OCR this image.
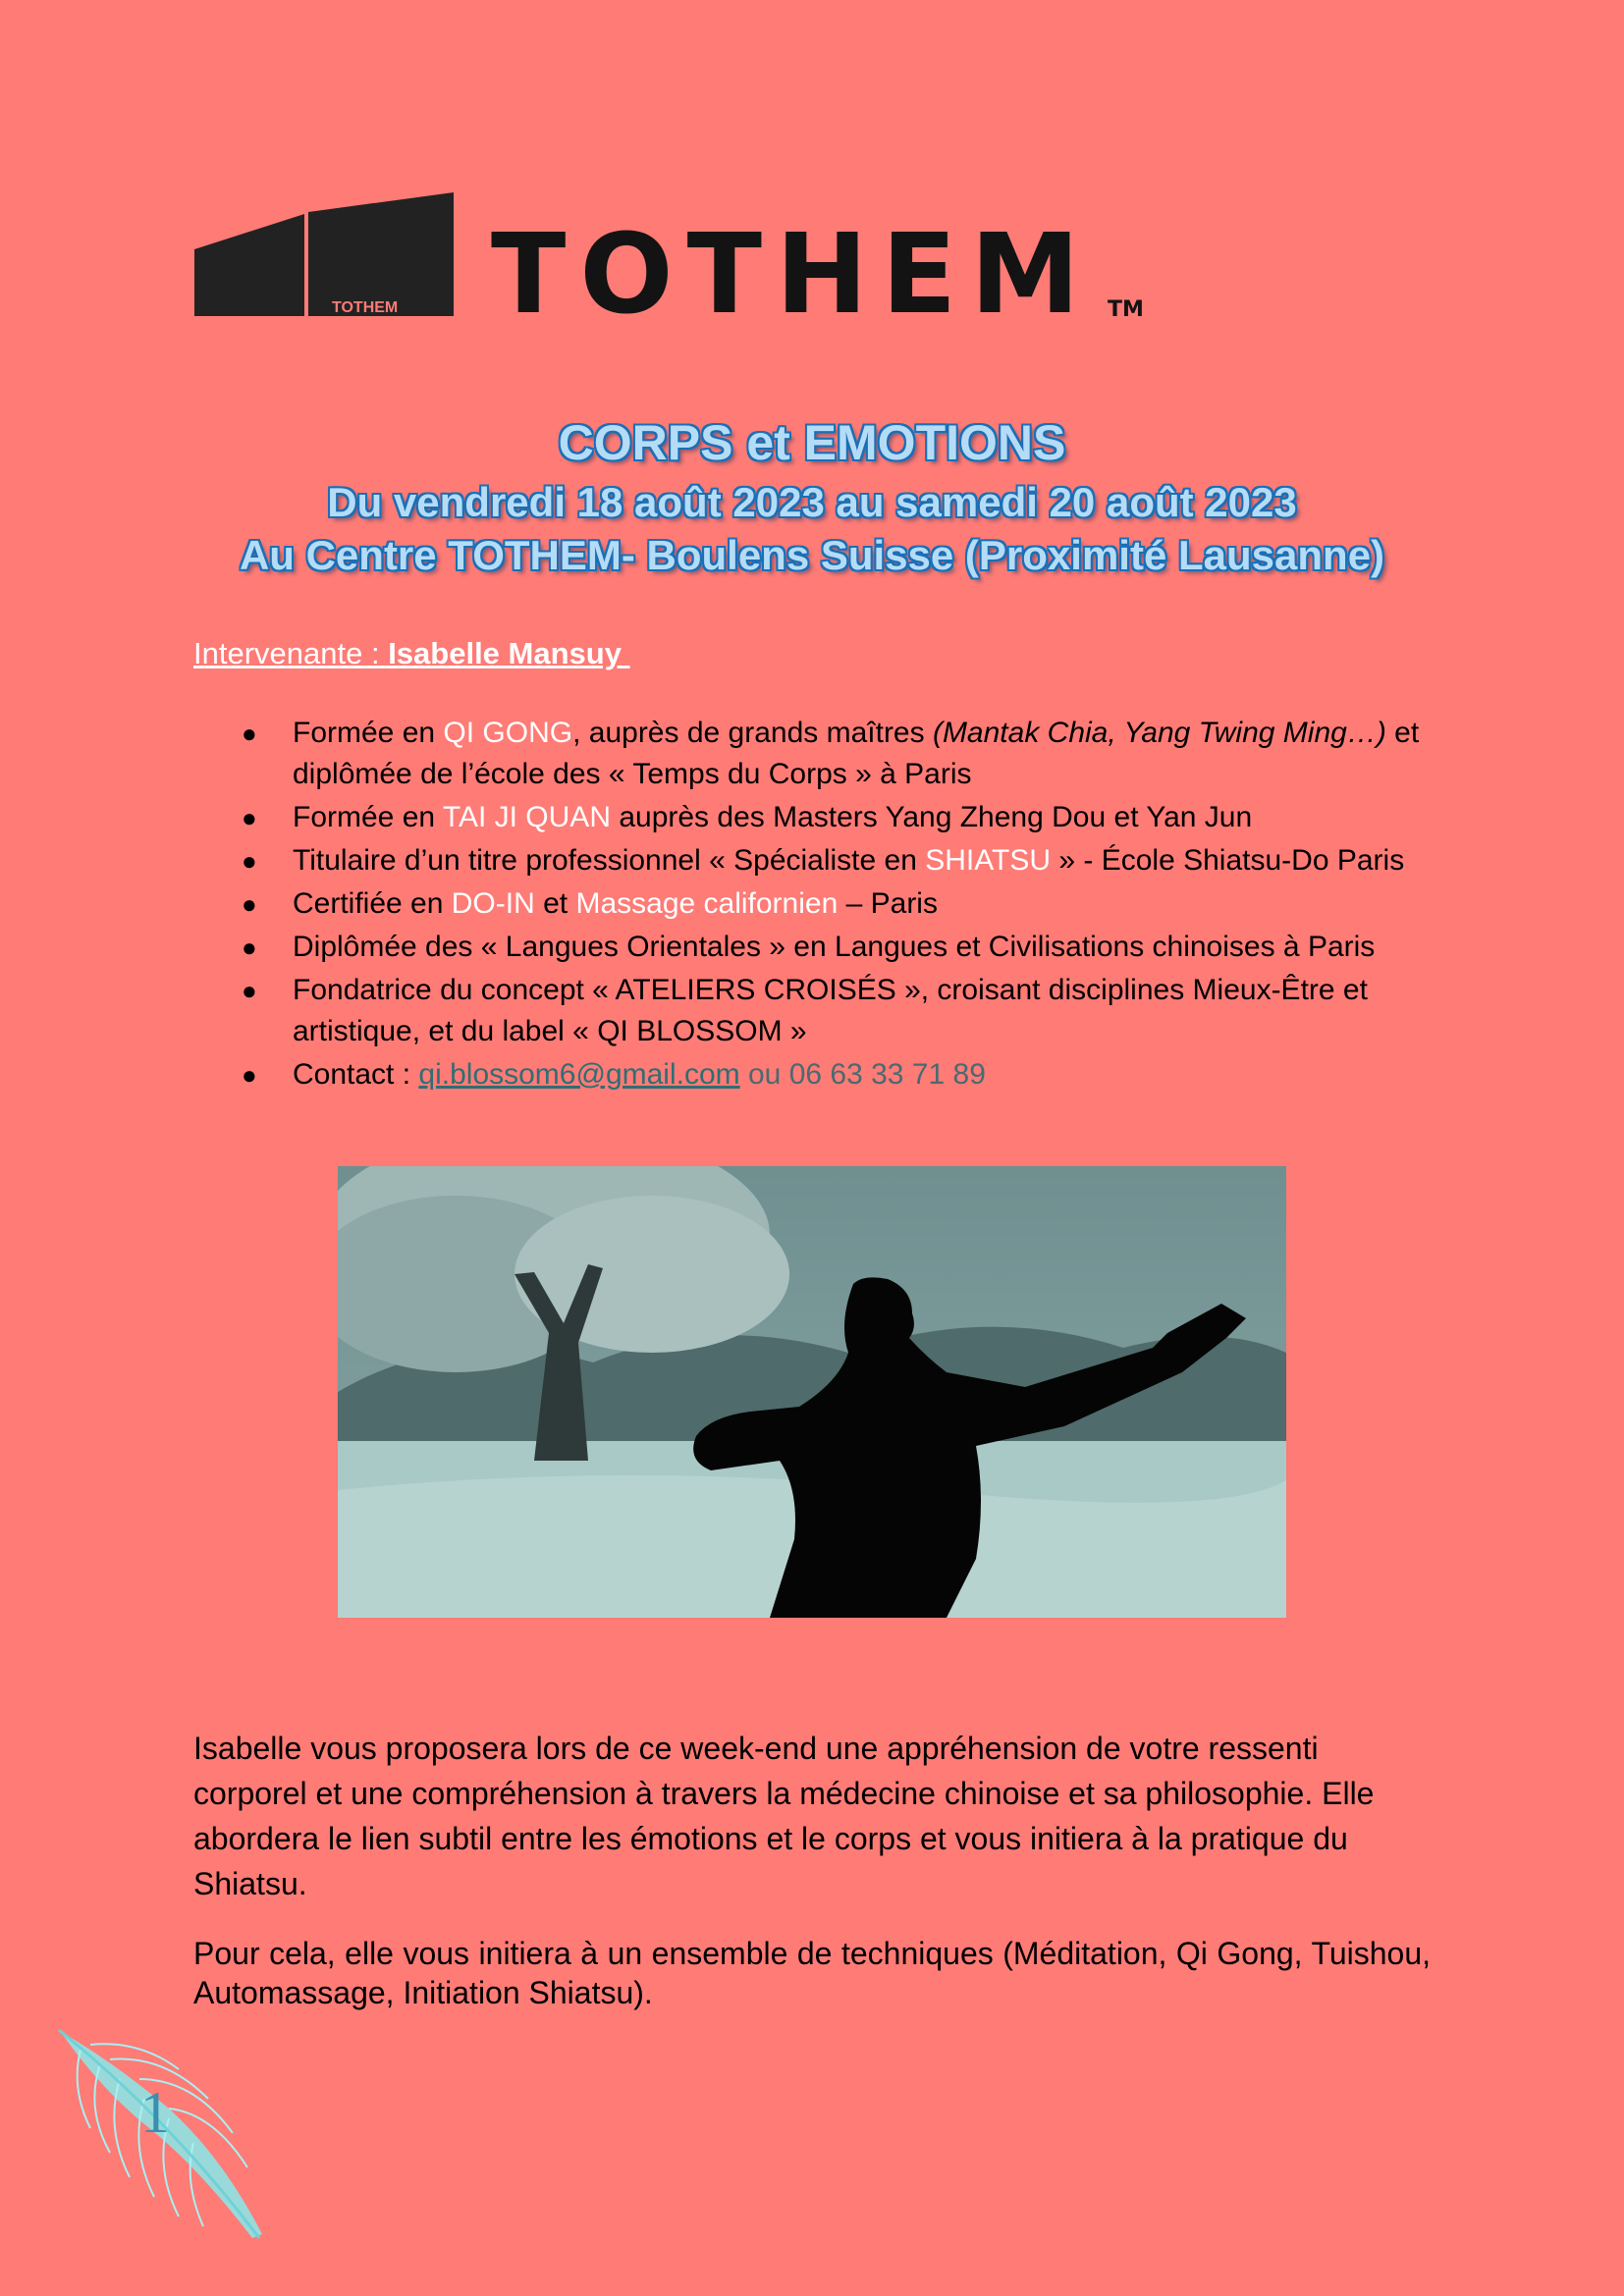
TOTHEM TOTHEM TM
CORPS et EMOTIONS
Du vendredi 18 août 2023 au samedi 20 août 2023
Au Centre TOTHEM- Boulens Suisse (Proximité Lausanne)
Intervenante : Isabelle Mansuy
● Formée en QI GONG, auprès de grands maîtres (Mantak Chia, Yang Twing Ming…) et diplômée de l’école des « Temps du Corps » à Paris
● Formée en TAI JI QUAN auprès des Masters Yang Zheng Dou et Yan Jun
● Titulaire d’un titre professionnel « Spécialiste en SHIATSU » - École Shiatsu-Do Paris
● Certifiée en DO-IN et Massage californien – Paris
● Diplômée des « Langues Orientales » en Langues et Civilisations chinoises à Paris
● Fondatrice du concept « ATELIERS CROISÉS », croisant disciplines Mieux-Être et artistique, et du label « QI BLOSSOM »
● Contact : qi.blossom6@gmail.com ou 06 63 33 71 89
Isabelle vous proposera lors de ce week-end une appréhension de votre ressenti corporel et une compréhension à travers la médecine chinoise et sa philosophie. Elle abordera le lien subtil entre les émotions et le corps et vous initiera à la pratique du Shiatsu.
Pour cela, elle vous initiera à un ensemble de techniques (Méditation, Qi Gong, Tuishou, Automassage, Initiation Shiatsu).
1
